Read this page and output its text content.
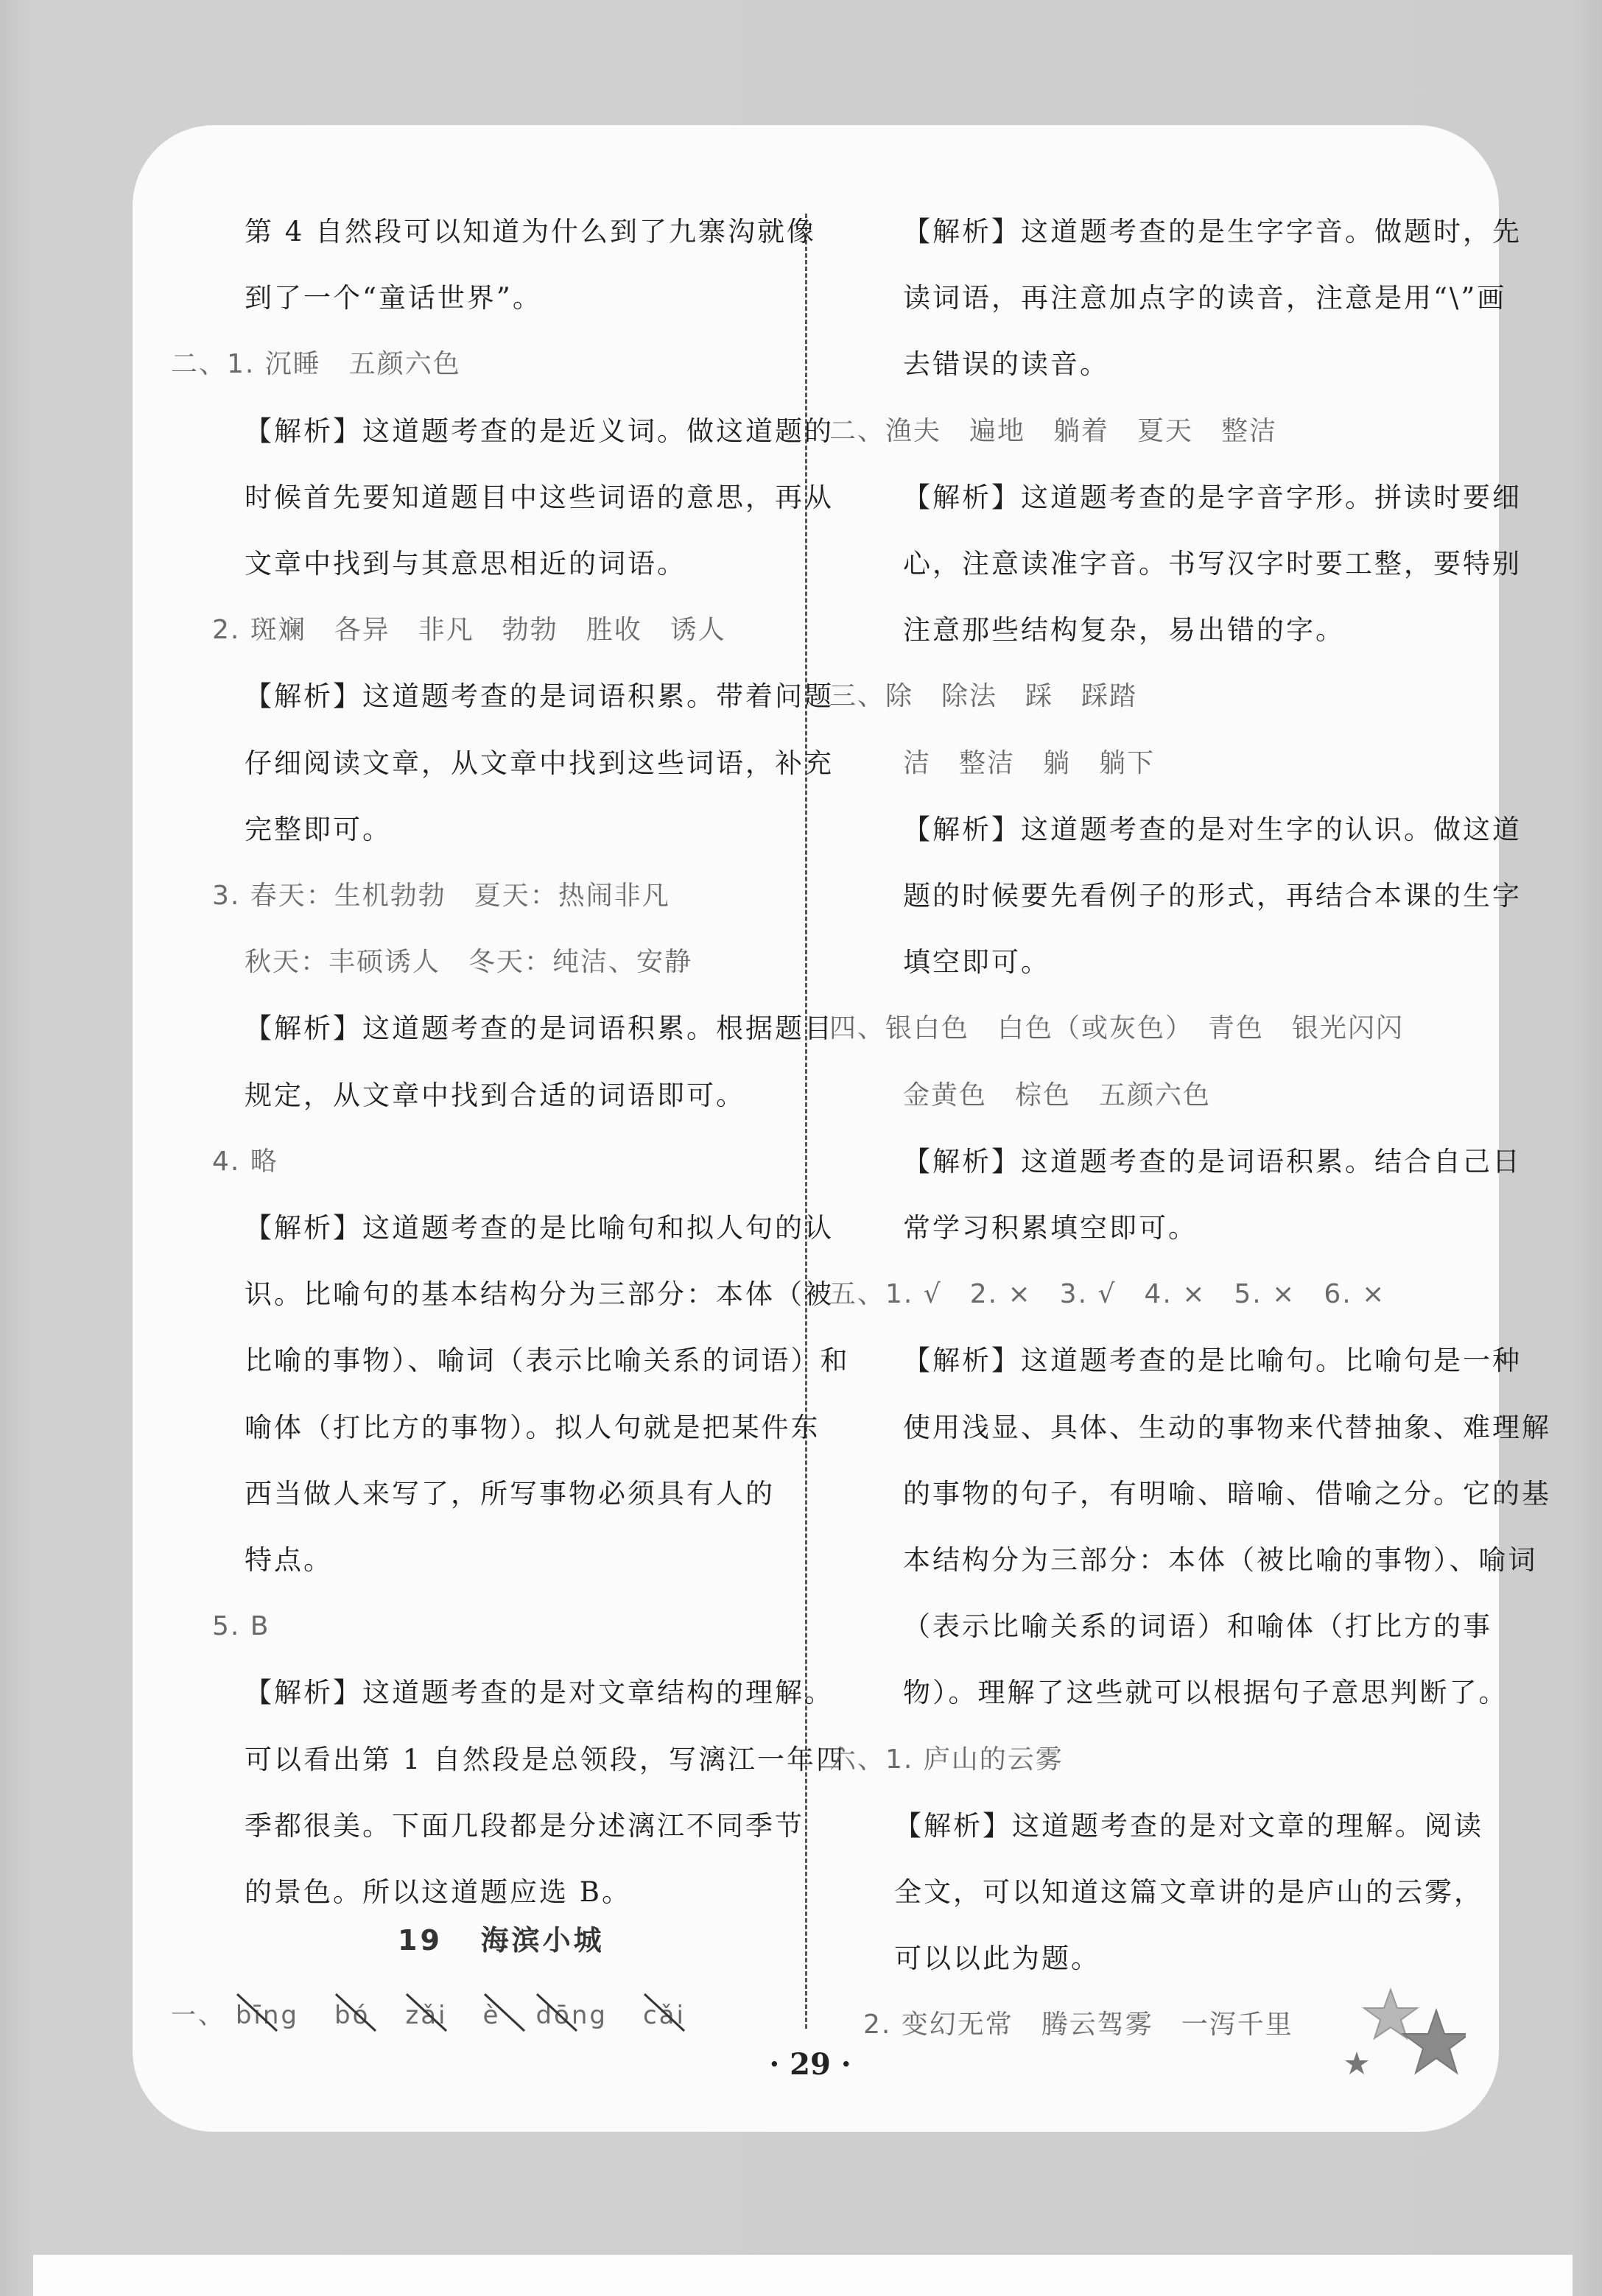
第 4 自然段可以知道为什么到了九寨沟就像
到了一个“童话世界”。
二、1. 沉睡　五颜六色
【解析】这道题考查的是近义词。做这道题的
时候首先要知道题目中这些词语的意思，再从
文章中找到与其意思相近的词语。
2. 斑斓　各异　非凡　勃勃　胜收　诱人
【解析】这道题考查的是词语积累。带着问题
仔细阅读文章，从文章中找到这些词语，补充
完整即可。
3. 春天：生机勃勃　夏天：热闹非凡
秋天：丰硕诱人　冬天：纯洁、安静
【解析】这道题考查的是词语积累。根据题目
规定，从文章中找到合适的词语即可。
4. 略
【解析】这道题考查的是比喻句和拟人句的认
识。比喻句的基本结构分为三部分：本体（被
比喻的事物）、喻词（表示比喻关系的词语）和
喻体（打比方的事物）。拟人句就是把某件东
西当做人来写了，所写事物必须具有人的
特点。
5. B
【解析】这道题考查的是对文章结构的理解。
可以看出第 1 自然段是总领段，写漓江一年四
季都很美。下面几段都是分述漓江不同季节
的景色。所以这道题应选 B。
19 海滨小城
一、 bīng bó zǎi è dōng cǎi
【解析】这道题考查的是生字字音。做题时，先
读词语，再注意加点字的读音，注意是用“\”画
去错误的读音。
二、渔夫　遍地　躺着　夏天　整洁
【解析】这道题考查的是字音字形。拼读时要细
心，注意读准字音。书写汉字时要工整，要特别
注意那些结构复杂，易出错的字。
三、除　除法　踩　踩踏
洁　整洁　躺　躺下
【解析】这道题考查的是对生字的认识。做这道
题的时候要先看例子的形式，再结合本课的生字
填空即可。
四、银白色　白色（或灰色）　青色　银光闪闪
金黄色　棕色　五颜六色
【解析】这道题考查的是词语积累。结合自己日
常学习积累填空即可。
五、1. √　2. ×　3. √　4. ×　5. ×　6. ×
【解析】这道题考查的是比喻句。比喻句是一种
使用浅显、具体、生动的事物来代替抽象、难理解
的事物的句子，有明喻、暗喻、借喻之分。它的基
本结构分为三部分：本体（被比喻的事物）、喻词
（表示比喻关系的词语）和喻体（打比方的事
物）。理解了这些就可以根据句子意思判断了。
六、1. 庐山的云雾
【解析】这道题考查的是对文章的理解。阅读
全文，可以知道这篇文章讲的是庐山的云雾，
可以以此为题。
2. 变幻无常　腾云驾雾　一泻千里
· 29 ·
